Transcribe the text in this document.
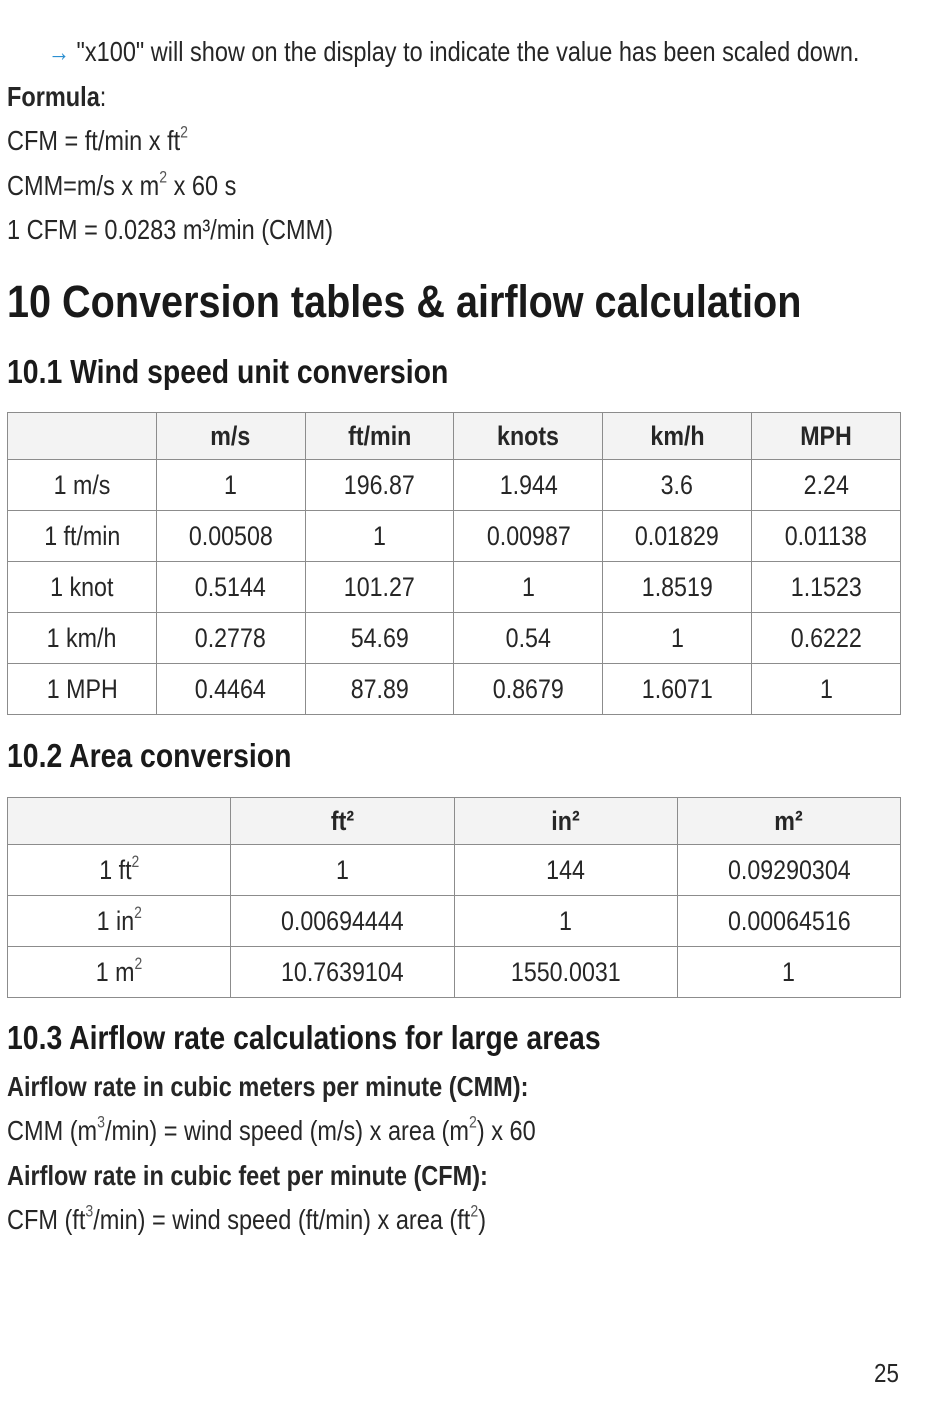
→ "x100" will show on the display to indicate the value has been scaled down.
Formula:
CFM = ft/min x $ft^2$
CMM=m/s x $m^2$ x 60 s
1 CFM = 0.0283 m³/min (CMM)
10 Conversion tables & airflow calculation
10.1 Wind speed unit conversion
	m/s	ft/min	knots	km/h	MPH
1 m/s	1	196.87	1.944	3.6	2.24
1 ft/min	0.00508	1	0.00987	0.01829	0.01138
1 knot	0.5144	101.27	1	1.8519	1.1523
1 km/h	0.2778	54.69	0.54	1	0.6222
1 MPH	0.4464	87.89	0.8679	1.6071	1
10.2 Area conversion
	ft²	in²	m²
1 $ft^2$	1	144	0.09290304
1 $in^2$	0.00694444	1	0.00064516
1 $m^2$	10.7639104	1550.0031	1
10.3 Airflow rate calculations for large areas
Airflow rate in cubic meters per minute (CMM):
CMM $(m^3/\min)$ = wind speed (m/s) x area $(m^2)$ x 60
Airflow rate in cubic feet per minute (CFM):
CFM $(ft^3/\min)$ = wind speed (ft/min) x area $(ft^2)$
25
